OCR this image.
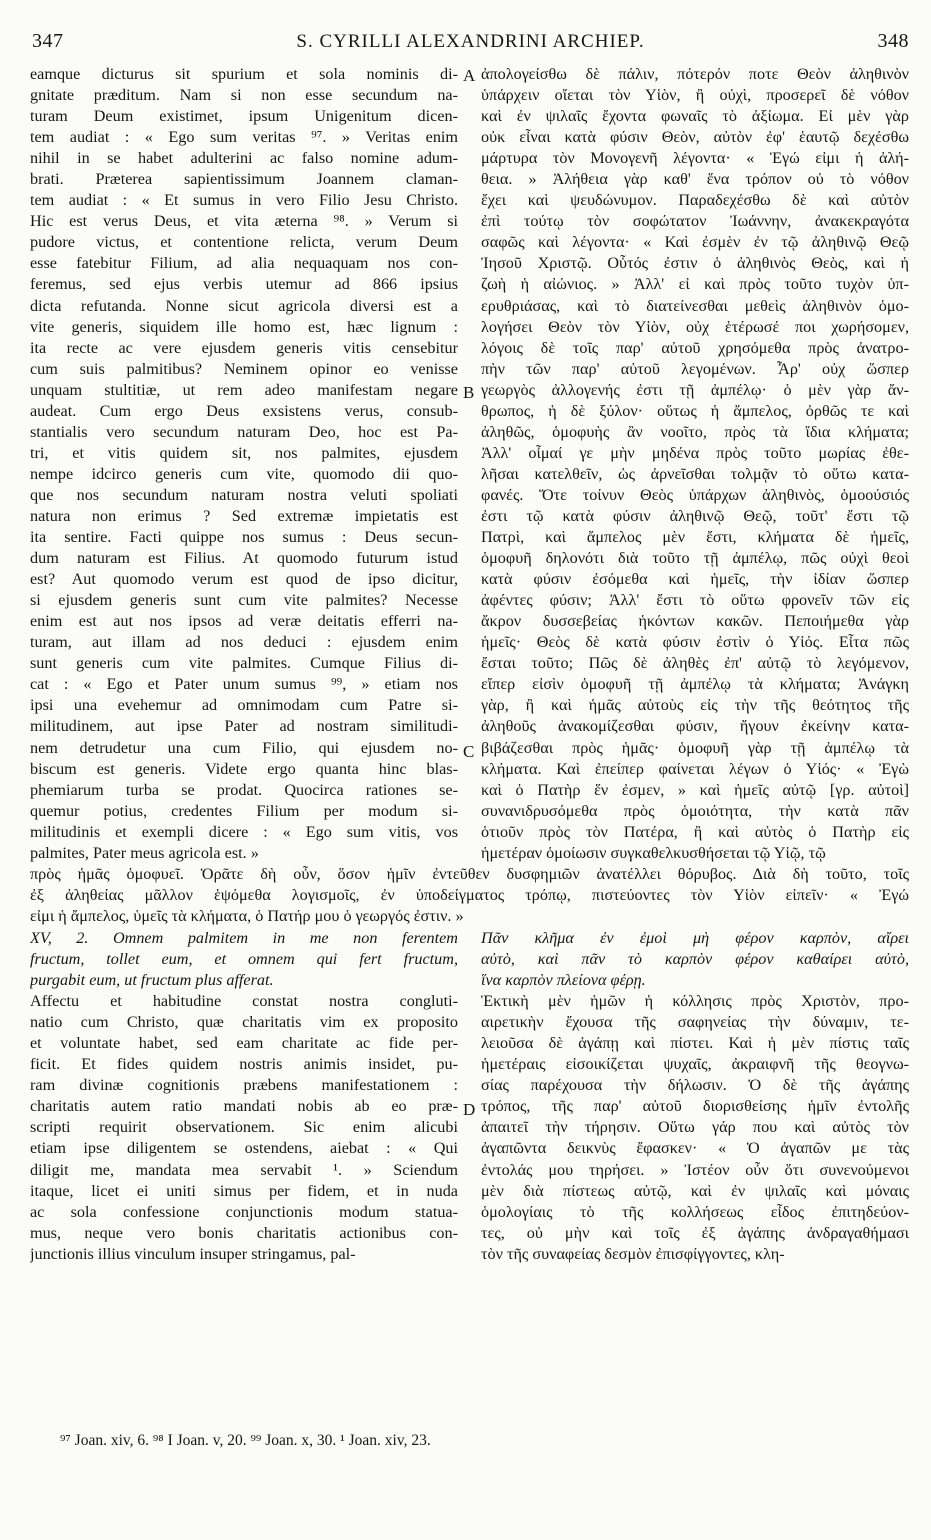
347	S. CYRILLI ALEXANDRINI ARCHIEP.	348
A
B
C
D
eamque dicturus sit spurium et sola nominis di-
gnitate præditum. Nam si non esse secundum na-
turam Deum existimet, ipsum Unigenitum dicen-
tem audiat : « Ego sum veritas ⁹⁷. » Veritas enim
nihil in se habet adulterini ac falso nomine adum-
brati. Præterea sapientissimum Joannem claman-
tem audiat : « Et sumus in vero Filio Jesu Christo.
Hic est verus Deus, et vita æterna ⁹⁸. » Verum si
pudore victus, et contentione relicta, verum Deum
esse fatebitur Filium, ad alia nequaquam nos con-
feremus, sed ejus verbis utemur ad 866 ipsius
dicta refutanda. Nonne sicut agricola diversi est a
vite generis, siquidem ille homo est, hæc lignum :
ita recte ac vere ejusdem generis vitis censebitur
cum suis palmitibus? Neminem opinor eo venisse
unquam stultitiæ, ut rem adeo manifestam negare
audeat. Cum ergo Deus exsistens verus, consub-
stantialis vero secundum naturam Deo, hoc est Pa-
tri, et vitis quidem sit, nos palmites, ejusdem
nempe idcirco generis cum vite, quomodo dii quo-
que nos secundum naturam nostra veluti spoliati
natura non erimus ? Sed extremæ impietatis est
ita sentire. Facti quippe nos sumus : Deus secun-
dum naturam est Filius. At quomodo futurum istud
est? Aut quomodo verum est quod de ipso dicitur,
si ejusdem generis sunt cum vite palmites? Necesse
enim est aut nos ipsos ad veræ deitatis efferri na-
turam, aut illam ad nos deduci : ejusdem enim
sunt generis cum vite palmites. Cumque Filius di-
cat : « Ego et Pater unum sumus ⁹⁹, » etiam nos
ipsi una evehemur ad omnimodam cum Patre si-
militudinem, aut ipse Pater ad nostram similitudi-
nem detrudetur una cum Filio, qui ejusdem no-
biscum est generis. Videte ergo quanta hinc blas-
phemiarum turba se prodat. Quocirca rationes se-
quemur potius, credentes Filium per modum si-
militudinis et exempli dicere : « Ego sum vitis, vos
palmites, Pater meus agricola est. »
ἀπολογείσθω δὲ πάλιν, πότερόν ποτε Θεὸν ἀληθινὸν
ὑπάρχειν οἴεται τὸν Υἱὸν, ἢ οὐχὶ, προσερεῖ δὲ νόθον
καὶ ἐν ψιλαῖς ἔχοντα φωναῖς τὸ ἀξίωμα. Εἰ μὲν γὰρ
οὐκ εἶναι κατὰ φύσιν Θεὸν, αὐτὸν ἐφ' ἑαυτῷ δεχέσθω
μάρτυρα τὸν Μονογενῆ λέγοντα· « Ἐγώ εἰμι ἡ ἀλή-
θεια. » Ἀλήθεια γὰρ καθ' ἕνα τρόπον οὐ τὸ νόθον
ἔχει καὶ ψευδώνυμον. Παραδεχέσθω δὲ καὶ αὐτὸν
ἐπὶ τούτῳ τὸν σοφώτατον Ἰωάννην, ἀνακεκραγότα
σαφῶς καὶ λέγοντα· « Καὶ ἐσμὲν ἐν τῷ ἀληθινῷ Θεῷ
Ἰησοῦ Χριστῷ. Οὗτός ἐστιν ὁ ἀληθινὸς Θεὸς, καὶ ἡ
ζωὴ ἡ αἰώνιος. » Ἀλλ' εἰ καὶ πρὸς τοῦτο τυχὸν ὑπ-
ερυθριάσας, καὶ τὸ διατείνεσθαι μεθεὶς ἀληθινὸν ὁμο-
λογήσει Θεὸν τὸν Υἱὸν, οὐχ ἑτέρωσέ ποι χωρήσομεν,
λόγοις δὲ τοῖς παρ' αὐτοῦ χρησόμεθα πρὸς ἀνατρο-
πὴν τῶν παρ' αὐτοῦ λεγομένων. Ἆρ' οὐχ ὥσπερ
γεωργὸς ἀλλογενής ἐστι τῇ ἀμπέλῳ· ὁ μὲν γὰρ ἄν-
θρωπος, ἡ δὲ ξύλον· οὕτως ἡ ἄμπελος, ὀρθῶς τε καὶ
ἀληθῶς, ὁμοφυὴς ἂν νοοῖτο, πρὸς τὰ ἴδια κλήματα;
Ἀλλ' οἶμαί γε μὴν μηδένα πρὸς τοῦτο μωρίας ἐθε-
λῆσαι κατελθεῖν, ὡς ἀρνεῖσθαι τολμᾷν τὸ οὕτω κατα-
φανές. Ὅτε τοίνυν Θεὸς ὑπάρχων ἀληθινὸς, ὁμοούσιός
ἐστι τῷ κατὰ φύσιν ἀληθινῷ Θεῷ, τοῦτ' ἔστι τῷ
Πατρὶ, καὶ ἄμπελος μὲν ἔστι, κλήματα δὲ ἡμεῖς,
ὁμοφυῆ δηλονότι διὰ τοῦτο τῇ ἀμπέλῳ, πῶς οὐχὶ θεοὶ
κατὰ φύσιν ἐσόμεθα καὶ ἡμεῖς, τὴν ἰδίαν ὥσπερ
ἀφέντες φύσιν; Ἀλλ' ἔστι τὸ οὕτω φρονεῖν τῶν εἰς
ἄκρον δυσσεβείας ἡκόντων κακῶν. Πεποιήμεθα γὰρ
ἡμεῖς· Θεὸς δὲ κατὰ φύσιν ἐστὶν ὁ Υἱός. Εἶτα πῶς
ἔσται τοῦτο; Πῶς δὲ ἀληθὲς ἐπ' αὐτῷ τὸ λεγόμενον,
εἴπερ εἰσὶν ὁμοφυῆ τῇ ἀμπέλῳ τὰ κλήματα; Ἀνάγκη
γὰρ, ἢ καὶ ἡμᾶς αὐτοὺς εἰς τὴν τῆς θεότητος τῆς
ἀληθοῦς ἀνακομίζεσθαι φύσιν, ἤγουν ἐκείνην κατα-
βιβάζεσθαι πρὸς ἡμᾶς· ὁμοφυῆ γὰρ τῇ ἀμπέλῳ τὰ
κλήματα. Καὶ ἐπείπερ φαίνεται λέγων ὁ Υἱός· « Ἐγὼ
καὶ ὁ Πατὴρ ἕν ἐσμεν, » καὶ ἡμεῖς αὐτῷ [γρ. αὐτοὶ]
συνανιδρυσόμεθα πρὸς ὁμοιότητα, τὴν κατὰ πᾶν
ὁτιοῦν πρὸς τὸν Πατέρα, ἢ καὶ αὐτὸς ὁ Πατὴρ εἰς
ἡμετέραν ὁμοίωσιν συγκαθελκυσθήσεται τῷ Υἱῷ, τῷ
πρὸς ἡμᾶς ὁμοφυεῖ. Ὁρᾶτε δὴ οὖν, ὅσον ἡμῖν ἐντεῦθεν δυσφημιῶν ἀνατέλλει θόρυβος. Διὰ δὴ τοῦτο, τοῖς
ἐξ ἀληθείας μᾶλλον ἑψόμεθα λογισμοῖς, ἐν ὑποδείγματος τρόπῳ, πιστεύοντες τὸν Υἱὸν εἰπεῖν· « Ἐγώ
εἰμι ἡ ἄμπελος, ὑμεῖς τὰ κλήματα, ὁ Πατήρ μου ὁ γεωργός ἐστιν. »
XV, 2. Omnem palmitem in me non ferentem
fructum, tollet eum, et omnem qui fert fructum,
purgabit eum, ut fructum plus afferat.
Affectu et habitudine constat nostra congluti-
natio cum Christo, quæ charitatis vim ex proposito
et voluntate habet, sed eam charitate ac fide per-
ficit. Et fides quidem nostris animis insidet, pu-
ram divinæ cognitionis præbens manifestationem :
charitatis autem ratio mandati nobis ab eo præ-
scripti requirit observationem. Sic enim alicubi
etiam ipse diligentem se ostendens, aiebat : « Qui
diligit me, mandata mea servabit ¹. » Sciendum
itaque, licet ei uniti simus per fidem, et in nuda
ac sola confessione conjunctionis modum statua-
mus, neque vero bonis charitatis actionibus con-
junctionis illius vinculum insuper stringamus, pal-
Πᾶν κλῆμα ἐν ἐμοὶ μὴ φέρον καρπὸν, αἴρει
αὐτὸ, καὶ πᾶν τὸ καρπὸν φέρον καθαίρει αὐτὸ,
ἵνα καρπὸν πλείονα φέρῃ.
Ἑκτικὴ μὲν ἡμῶν ἡ κόλλησις πρὸς Χριστὸν, προ-
αιρετικὴν ἔχουσα τῆς σαφηνείας τὴν δύναμιν, τε-
λειοῦσα δὲ ἀγάπῃ καὶ πίστει. Καὶ ἡ μὲν πίστις ταῖς
ἡμετέραις εἰσοικίζεται ψυχαῖς, ἀκραιφνῆ τῆς θεογνω-
σίας παρέχουσα τὴν δήλωσιν. Ὁ δὲ τῆς ἀγάπης
τρόπος, τῆς παρ' αὐτοῦ διορισθείσης ἡμῖν ἐντολῆς
ἀπαιτεῖ τὴν τήρησιν. Οὕτω γάρ που καὶ αὐτὸς τὸν
ἀγαπῶντα δεικνὺς ἔφασκεν· « Ὁ ἀγαπῶν με τὰς
ἐντολάς μου τηρήσει. » Ἰστέον οὖν ὅτι συνενούμενοι
μὲν διὰ πίστεως αὐτῷ, καὶ ἐν ψιλαῖς καὶ μόναις
ὁμολογίαις τὸ τῆς κολλήσεως εἶδος ἐπιτηδεύον-
τες, οὐ μὴν καὶ τοῖς ἐξ ἀγάπης ἀνδραγαθήμασι
τὸν τῆς συναφείας δεσμὸν ἐπισφίγγοντες, κλη-
⁹⁷ Joan. xiv, 6. ⁹⁸ I Joan. v, 20. ⁹⁹ Joan. x, 30. ¹ Joan. xiv, 23.
